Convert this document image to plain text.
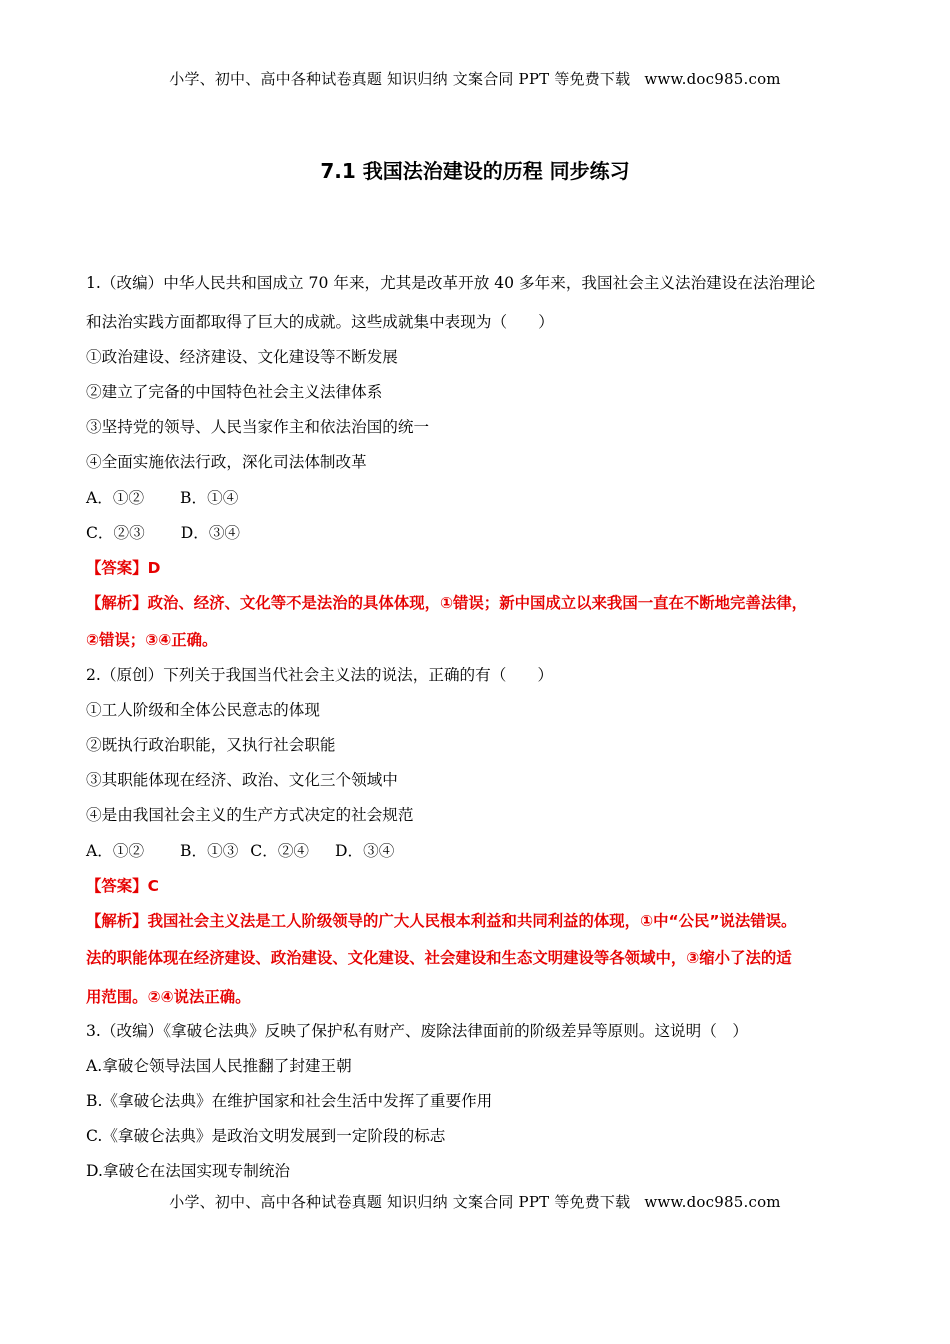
小学、初中、高中各种试卷真题 知识归纳 文案合同 PPT 等免费下载 www.doc985.com
7.1 我国法治建设的历程 同步练习
1.（改编）中华人民共和国成立 70 年来，尤其是改革开放 40 多年来，我国社会主义法治建设在法治理论
和法治实践方面都取得了巨大的成就。这些成就集中表现为（　　）
①政治建设、经济建设、文化建设等不断发展
②建立了完备的中国特色社会主义法律体系
③坚持党的领导、人民当家作主和依法治国的统一
④全面实施依法行政，深化司法体制改革
A．①② B．①④
C．②③ D．③④
【答案】D
【解析】政治、经济、文化等不是法治的具体体现，①错误；新中国成立以来我国一直在不断地完善法律，
②错误；③④正确。
2.（原创）下列关于我国当代社会主义法的说法，正确的有（　　）
①工人阶级和全体公民意志的体现
②既执行政治职能，又执行社会职能
③其职能体现在经济、政治、文化三个领域中
④是由我国社会主义的生产方式决定的社会规范
A．①② B．①③ C．②④ D．③④
【答案】C
【解析】我国社会主义法是工人阶级领导的广大人民根本利益和共同利益的体现，①中“公民”说法错误。
法的职能体现在经济建设、政治建设、文化建设、社会建设和生态文明建设等各领域中，③缩小了法的适
用范围。②④说法正确。
3.（改编）《拿破仑法典》反映了保护私有财产、废除法律面前的阶级差异等原则。这说明（　）
A.拿破仑领导法国人民推翻了封建王朝
B.《拿破仑法典》在维护国家和社会生活中发挥了重要作用
C.《拿破仑法典》是政治文明发展到一定阶段的标志
D.拿破仑在法国实现专制统治
小学、初中、高中各种试卷真题 知识归纳 文案合同 PPT 等免费下载 www.doc985.com
